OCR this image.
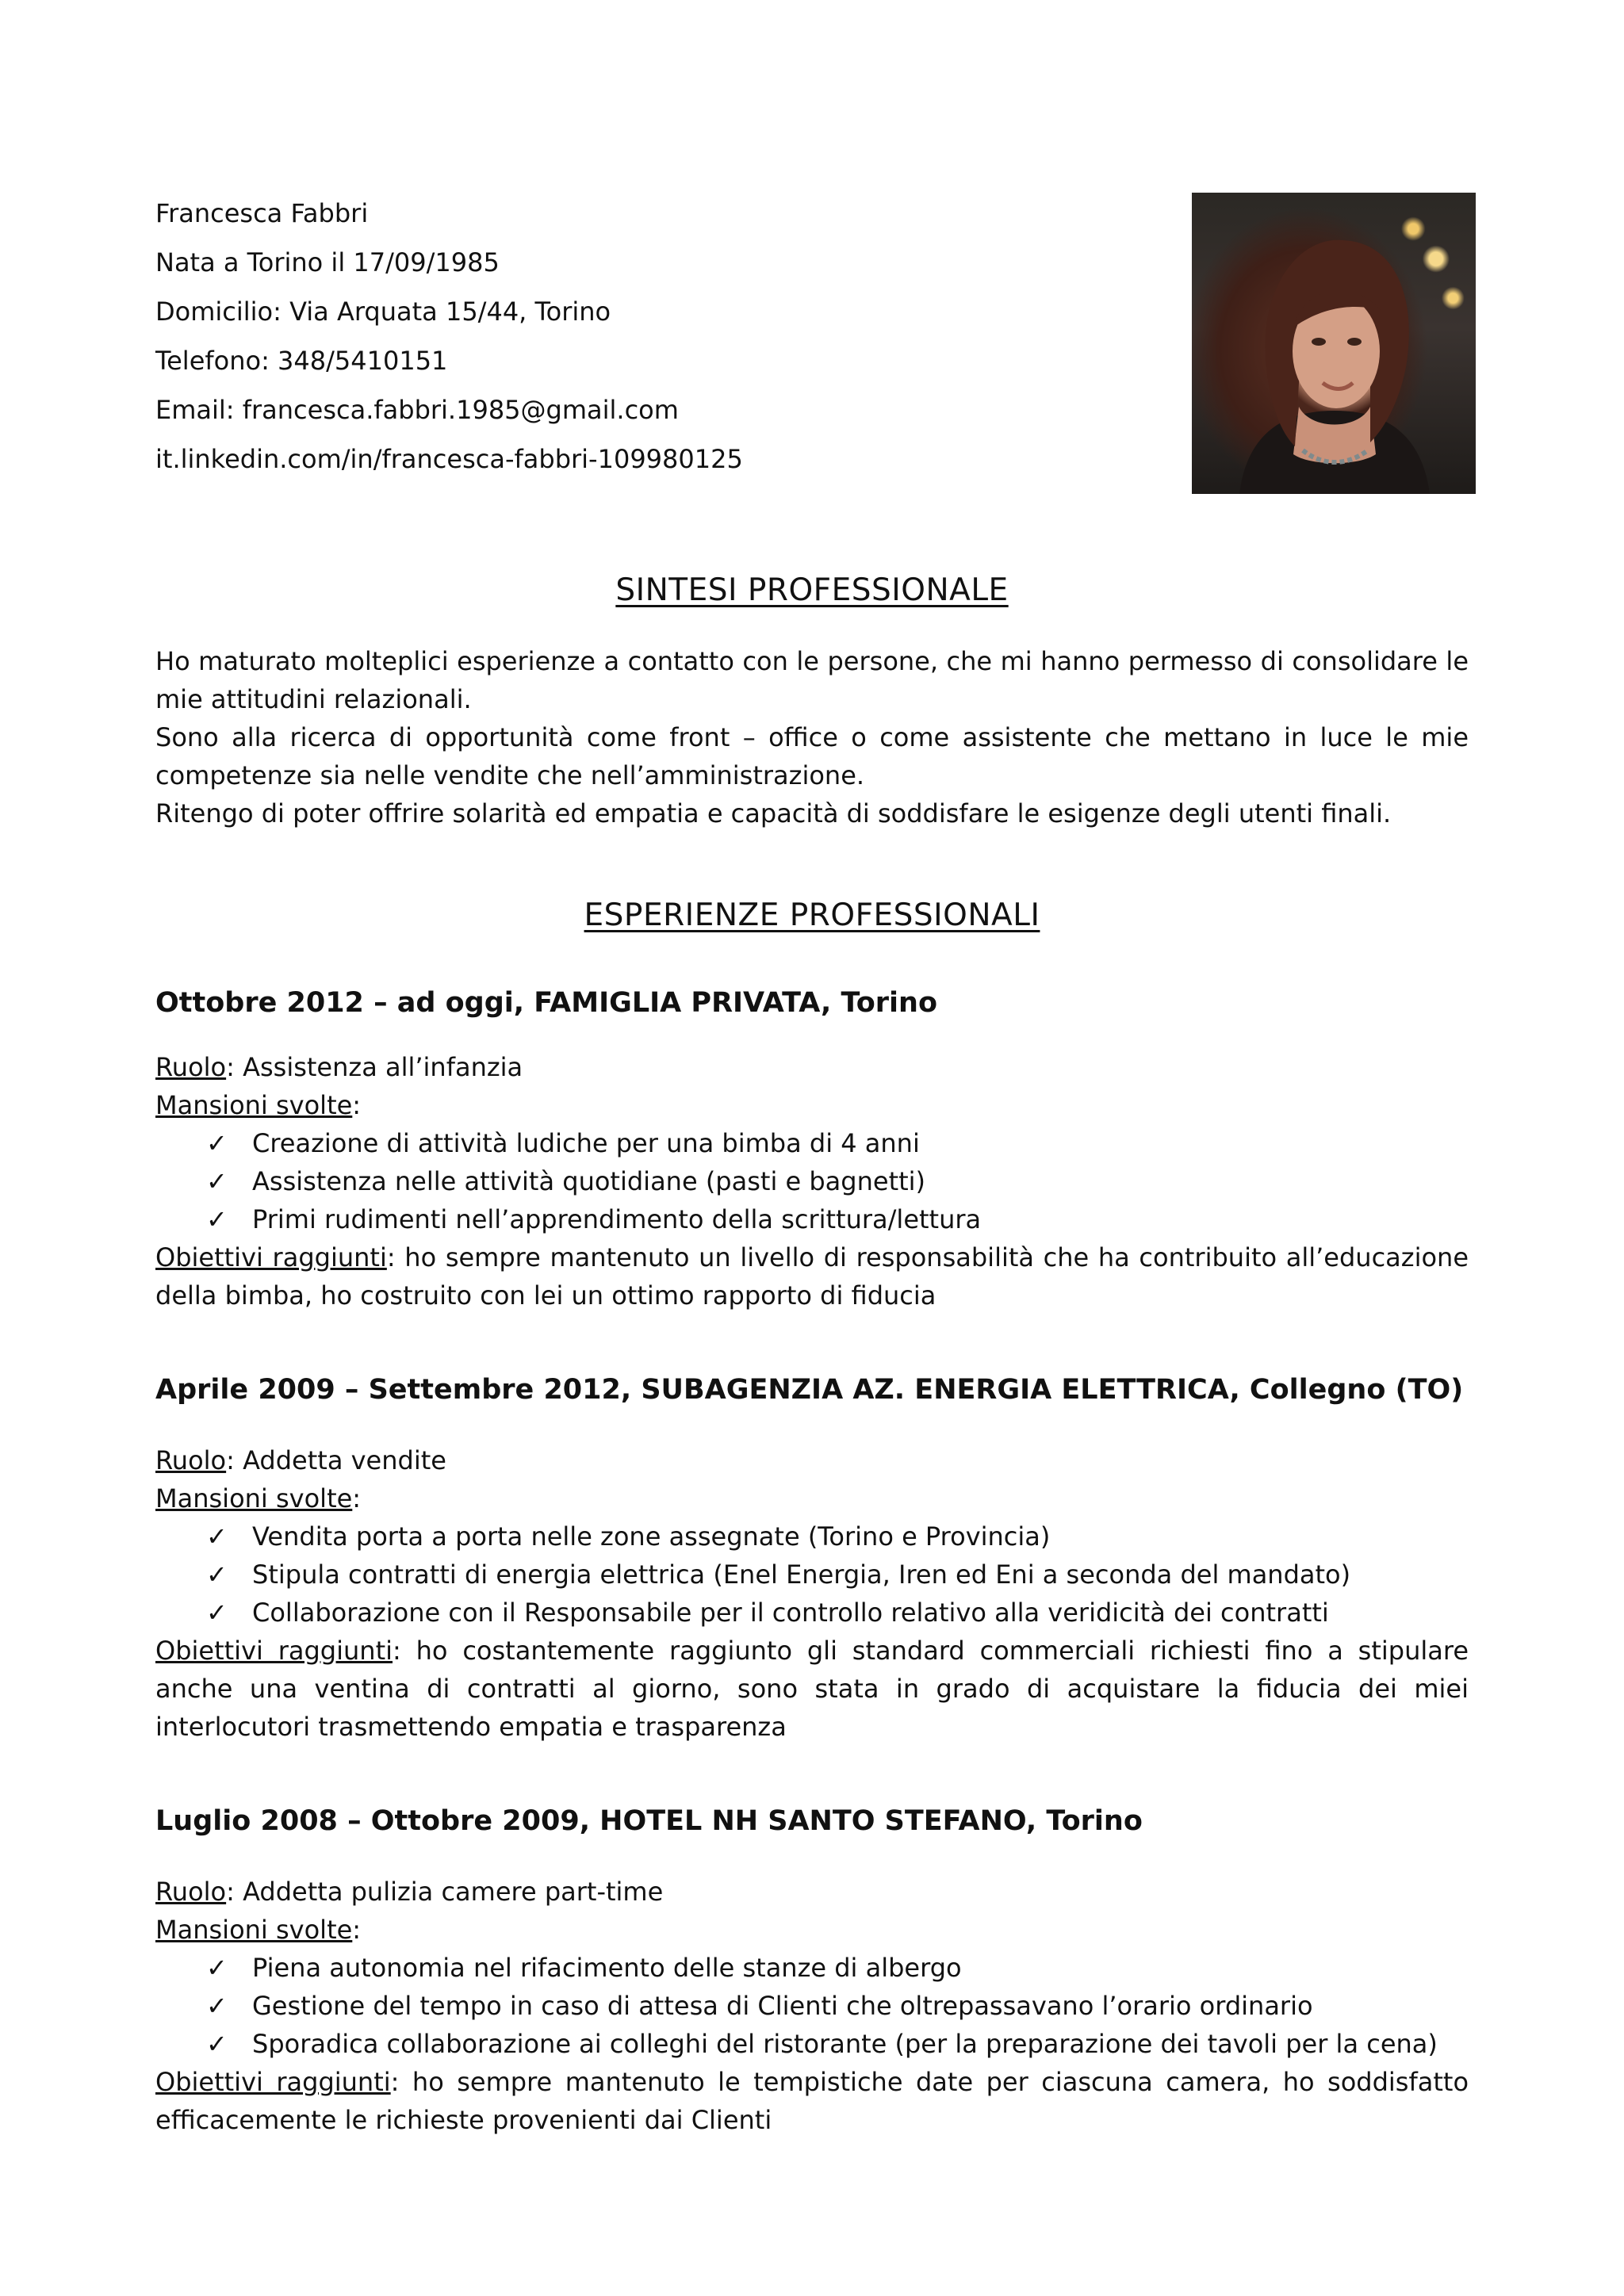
Francesca Fabbri
Nata a Torino il 17/09/1985
Domicilio: Via Arquata 15/44, Torino
Telefono: 348/5410151
Email: francesca.fabbri.1985@gmail.com
it.linkedin.com/in/francesca-fabbri-109980125
SINTESI PROFESSIONALE

Ho maturato molteplici esperienze a contatto con le persone, che mi hanno permesso di consolidare le mie attitudini relazionali.

Sono alla ricerca di opportunità come front – office o come assistente che mettano in luce le mie competenze sia nelle vendite che nell’amministrazione.

Ritengo di poter offrire solarità ed empatia e capacità di soddisfare le esigenze degli utenti finali.

ESPERIENZE PROFESSIONALI
Ottobre 2012 – ad oggi, FAMIGLIA PRIVATA, Torino
Ruolo: Assistenza all’infanzia
Mansioni svolte:
✓ Creazione di attività ludiche per una bimba di 4 anni
✓ Assistenza nelle attività quotidiane (pasti e bagnetti)
✓ Primi rudimenti nell’apprendimento della scrittura/lettura
Obiettivi raggiunti: ho sempre mantenuto un livello di responsabilità che ha contribuito all’educazione della bimba, ho costruito con lei un ottimo rapporto di fiducia
Aprile 2009 – Settembre 2012, SUBAGENZIA AZ. ENERGIA ELETTRICA, Collegno (TO)
Ruolo: Addetta vendite
Mansioni svolte:
✓ Vendita porta a porta nelle zone assegnate (Torino e Provincia)
✓ Stipula contratti di energia elettrica (Enel Energia, Iren ed Eni a seconda del mandato)
✓ Collaborazione con il Responsabile per il controllo relativo alla veridicità dei contratti
Obiettivi raggiunti: ho costantemente raggiunto gli standard commerciali richiesti fino a stipulare anche una ventina di contratti al giorno, sono stata in grado di acquistare la fiducia dei miei interlocutori trasmettendo empatia e trasparenza
Luglio 2008 – Ottobre 2009, HOTEL NH SANTO STEFANO, Torino
Ruolo: Addetta pulizia camere part-time
Mansioni svolte:
✓ Piena autonomia nel rifacimento delle stanze di albergo
✓ Gestione del tempo in caso di attesa di Clienti che oltrepassavano l’orario ordinario
✓ Sporadica collaborazione ai colleghi del ristorante (per la preparazione dei tavoli per la cena)
Obiettivi raggiunti: ho sempre mantenuto le tempistiche date per ciascuna camera, ho soddisfatto efficacemente le richieste provenienti dai Clienti
